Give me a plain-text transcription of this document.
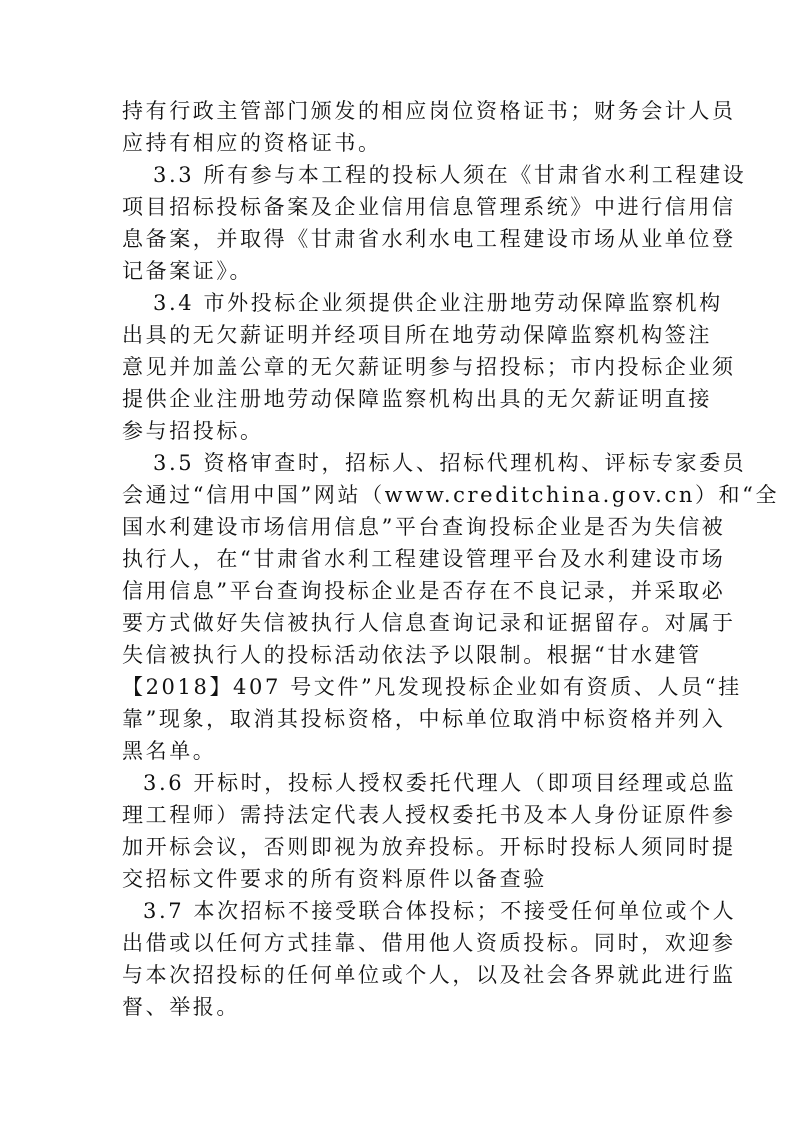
持有行政主管部门颁发的相应岗位资格证书；财务会计人员
应持有相应的资格证书。
3.3 所有参与本工程的投标人须在《甘肃省水利工程建设
项目招标投标备案及企业信用信息管理系统》中进行信用信
息备案，并取得《甘肃省水利水电工程建设市场从业单位登
记备案证》。
3.4 市外投标企业须提供企业注册地劳动保障监察机构
出具的无欠薪证明并经项目所在地劳动保障监察机构签注
意见并加盖公章的无欠薪证明参与招投标；市内投标企业须
提供企业注册地劳动保障监察机构出具的无欠薪证明直接
参与招投标。
3.5 资格审查时，招标人、招标代理机构、评标专家委员
会通过“信用中国”网站（www.creditchina.gov.cn）和“全
国水利建设市场信用信息”平台查询投标企业是否为失信被
执行人，在“甘肃省水利工程建设管理平台及水利建设市场
信用信息”平台查询投标企业是否存在不良记录，并采取必
要方式做好失信被执行人信息查询记录和证据留存。对属于
失信被执行人的投标活动依法予以限制。根据“甘水建管
【2018】407 号文件”凡发现投标企业如有资质、人员“挂
靠”现象，取消其投标资格，中标单位取消中标资格并列入
黑名单。
3.6 开标时，投标人授权委托代理人（即项目经理或总监
理工程师）需持法定代表人授权委托书及本人身份证原件参
加开标会议，否则即视为放弃投标。开标时投标人须同时提
交招标文件要求的所有资料原件以备查验
3.7 本次招标不接受联合体投标；不接受任何单位或个人
出借或以任何方式挂靠、借用他人资质投标。同时，欢迎参
与本次招投标的任何单位或个人，以及社会各界就此进行监
督、举报。
